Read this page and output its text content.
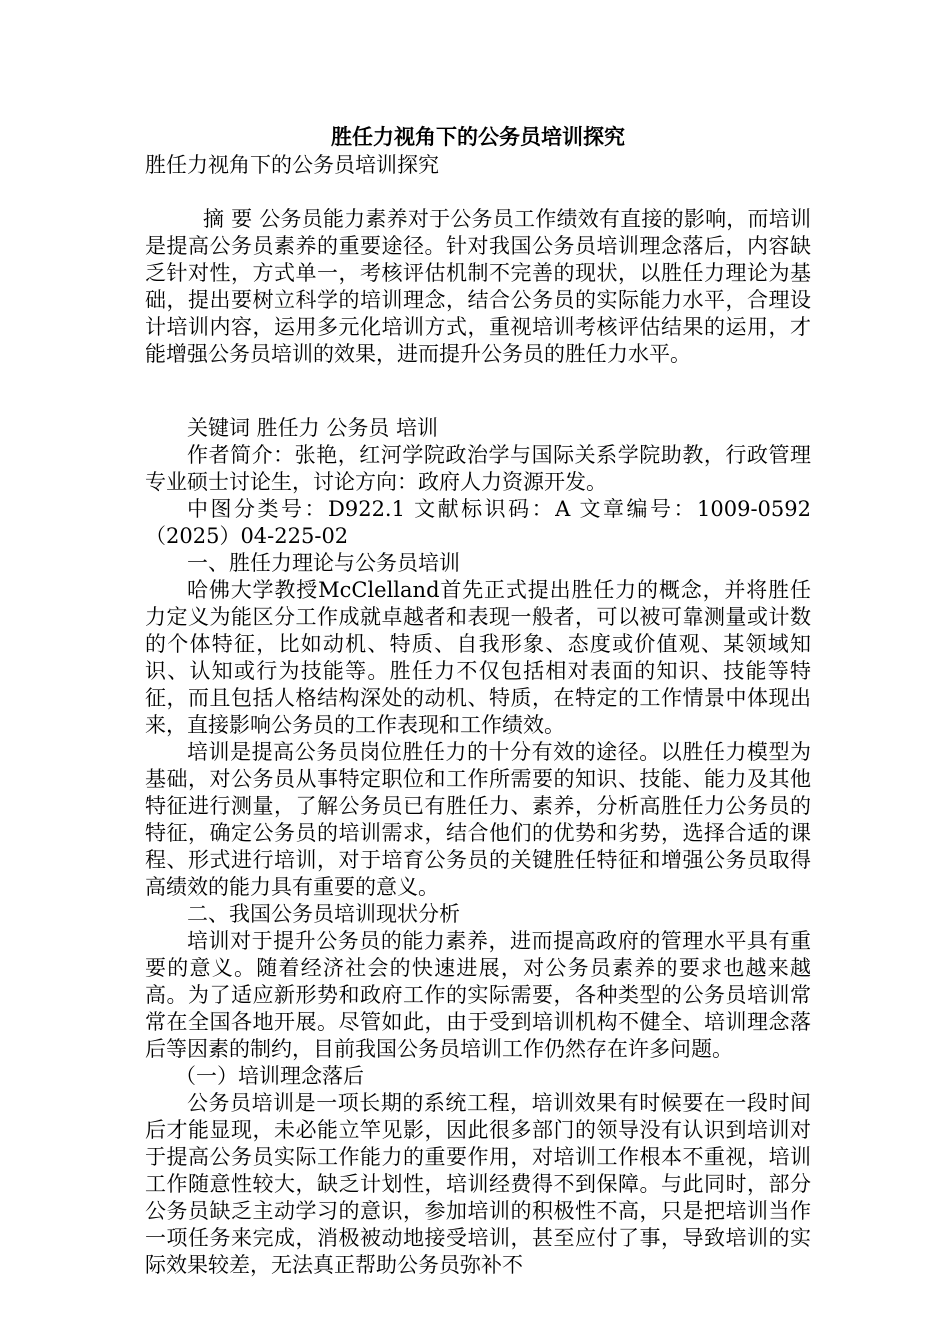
胜任力视角下的公务员培训探究
胜任力视角下的公务员培训探究

摘 要 公务员能力素养对于公务员工作绩效有直接的影响，而培训是提高公务员素养的重要途径。针对我国公务员培训理念落后，内容缺乏针对性，方式单一，考核评估机制不完善的现状，以胜任力理论为基础，提出要树立科学的培训理念，结合公务员的实际能力水平，合理设计培训内容，运用多元化培训方式，重视培训考核评估结果的运用，才能增强公务员培训的效果，进而提升公务员的胜任力水平。

关键词 胜任力 公务员 培训

作者简介：张艳，红河学院政治学与国际关系学院助教，行政管理专业硕士讨论生，讨论方向：政府人力资源开发。

中图分类号：D922.1 文献标识码：A 文章编号：1009-0592（2025）04-225-02

一、胜任力理论与公务员培训

哈佛大学教授McClelland首先正式提出胜任力的概念，并将胜任力定义为能区分工作成就卓越者和表现一般者，可以被可靠测量或计数的个体特征，比如动机、特质、自我形象、态度或价值观、某领域知识、认知或行为技能等。胜任力不仅包括相对表面的知识、技能等特征，而且包括人格结构深处的动机、特质，在特定的工作情景中体现出来，直接影响公务员的工作表现和工作绩效。

培训是提高公务员岗位胜任力的十分有效的途径。以胜任力模型为基础，对公务员从事特定职位和工作所需要的知识、技能、能力及其他特征进行测量，了解公务员已有胜任力、素养，分析高胜任力公务员的特征，确定公务员的培训需求，结合他们的优势和劣势，选择合适的课程、形式进行培训，对于培育公务员的关键胜任特征和增强公务员取得高绩效的能力具有重要的意义。

二、我国公务员培训现状分析

培训对于提升公务员的能力素养，进而提高政府的管理水平具有重要的意义。随着经济社会的快速进展，对公务员素养的要求也越来越高。为了适应新形势和政府工作的实际需要，各种类型的公务员培训常常在全国各地开展。尽管如此，由于受到培训机构不健全、培训理念落后等因素的制约，目前我国公务员培训工作仍然存在许多问题。

（一）培训理念落后

公务员培训是一项长期的系统工程，培训效果有时候要在一段时间后才能显现，未必能立竿见影，因此很多部门的领导没有认识到培训对于提高公务员实际工作能力的重要作用，对培训工作根本不重视，培训工作随意性较大，缺乏计划性，培训经费得不到保障。与此同时，部分公务员缺乏主动学习的意识，参加培训的积极性不高，只是把培训当作一项任务来完成，消极被动地接受培训，甚至应付了事，导致培训的实际效果较差，无法真正帮助公务员弥补不
